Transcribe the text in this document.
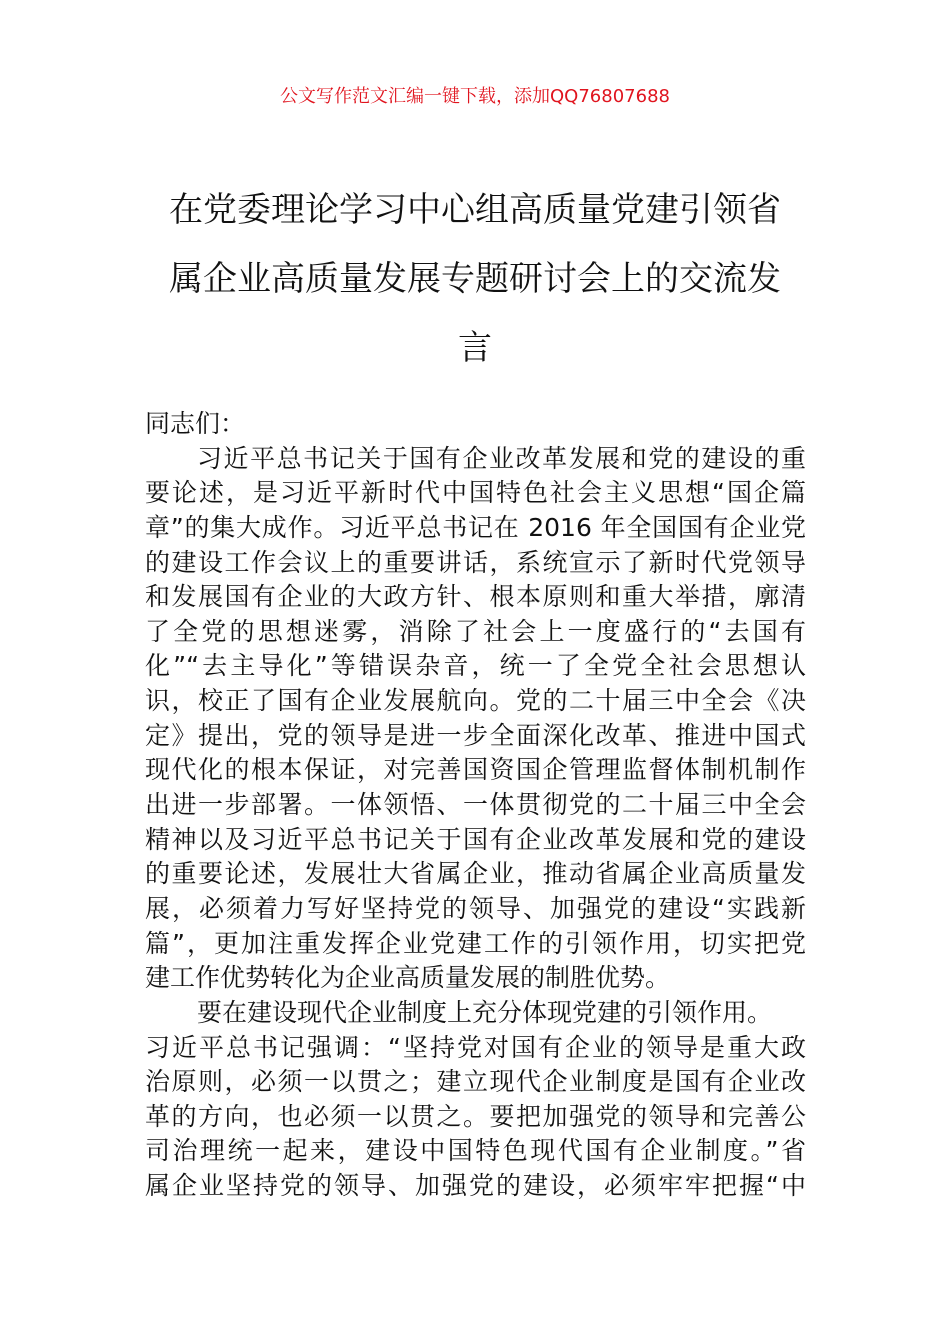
公文写作范文汇编一键下载，添加QQ76807688
在党委理论学习中心组高质量党建引领省
属企业高质量发展专题研讨会上的交流发
言
同志们：
习近平总书记关于国有企业改革发展和党的建设的重
要论述，是习近平新时代中国特色社会主义思想“国企篇
章”的集大成作。习近平总书记在 2016 年全国国有企业党
的建设工作会议上的重要讲话，系统宣示了新时代党领导
和发展国有企业的大政方针、根本原则和重大举措，廓清
了全党的思想迷雾，消除了社会上一度盛行的“去国有
化”“去主导化”等错误杂音，统一了全党全社会思想认
识，校正了国有企业发展航向。党的二十届三中全会《决
定》提出，党的领导是进一步全面深化改革、推进中国式
现代化的根本保证，对完善国资国企管理监督体制机制作
出进一步部署。一体领悟、一体贯彻党的二十届三中全会
精神以及习近平总书记关于国有企业改革发展和党的建设
的重要论述，发展壮大省属企业，推动省属企业高质量发
展，必须着力写好坚持党的领导、加强党的建设“实践新
篇”，更加注重发挥企业党建工作的引领作用，切实把党
建工作优势转化为企业高质量发展的制胜优势。
要在建设现代企业制度上充分体现党建的引领作用。
习近平总书记强调：“坚持党对国有企业的领导是重大政
治原则，必须一以贯之；建立现代企业制度是国有企业改
革的方向，也必须一以贯之。要把加强党的领导和完善公
司治理统一起来，建设中国特色现代国有企业制度。”省
属企业坚持党的领导、加强党的建设，必须牢牢把握“中
